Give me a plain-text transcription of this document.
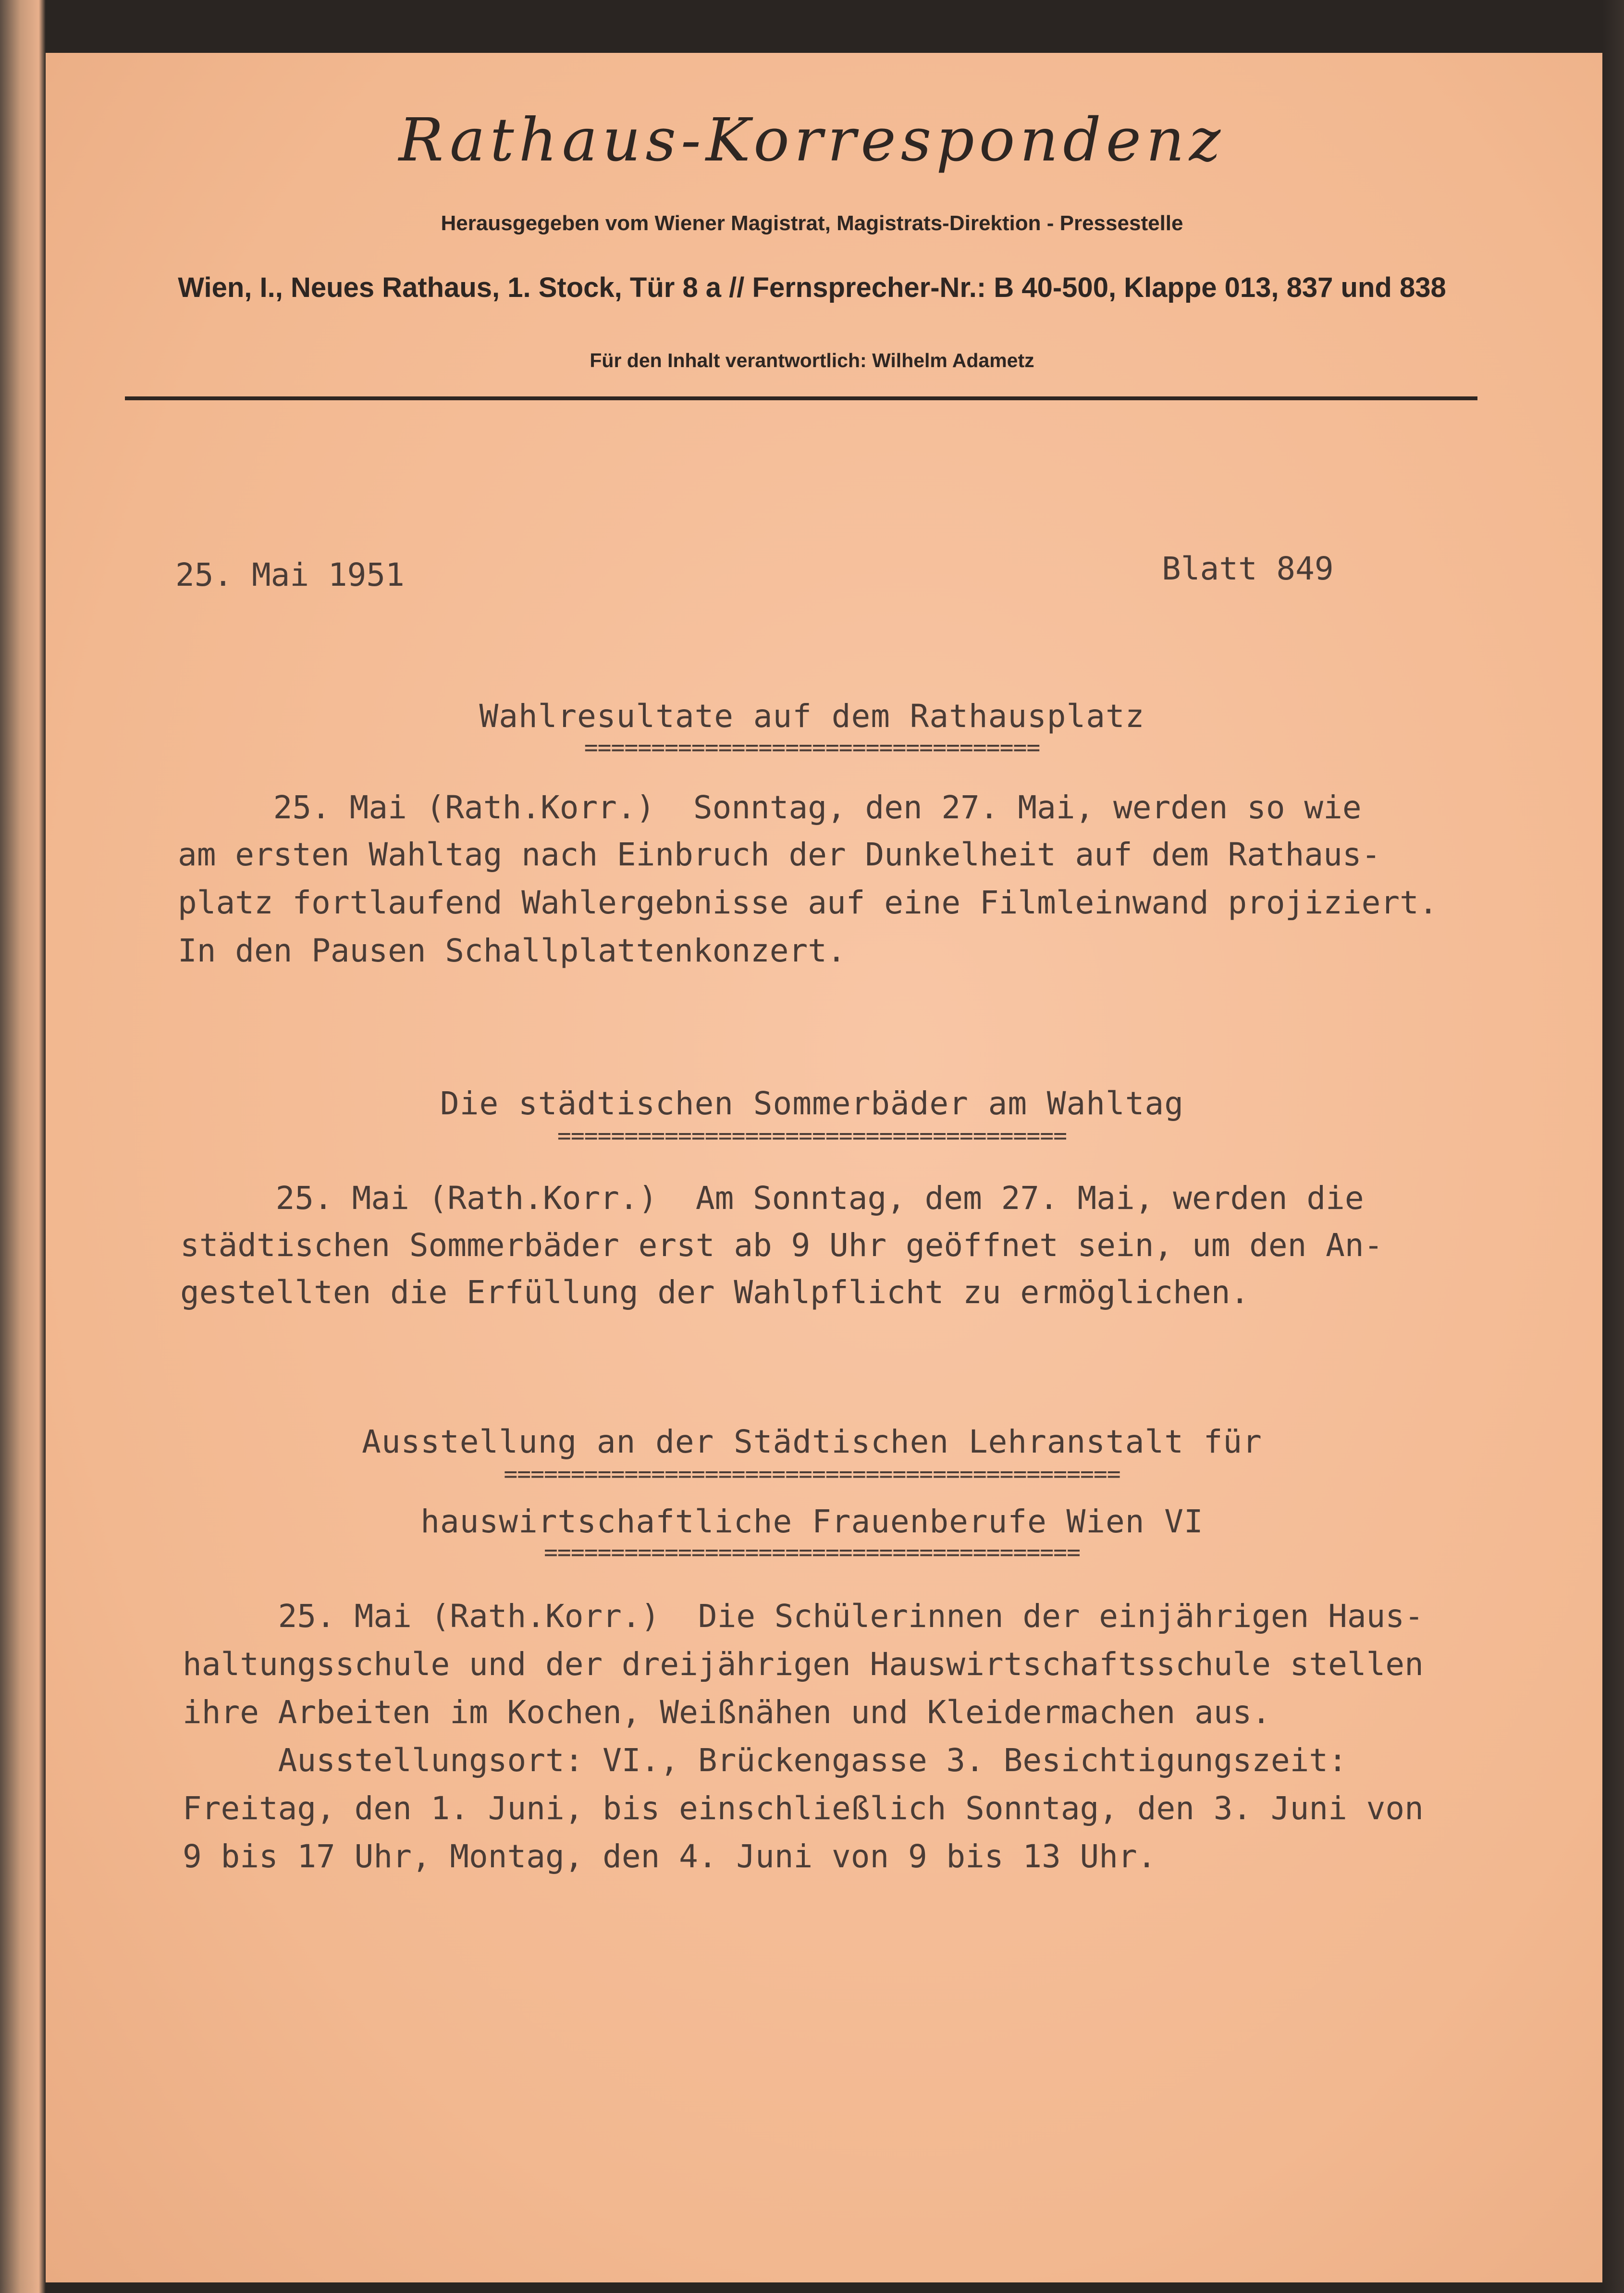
Rathaus-Korrespondenz
Herausgegeben vom Wiener Magistrat, Magistrats-Direktion - Pressestelle
Wien, I., Neues Rathaus, 1. Stock, Tür 8 a // Fernsprecher-Nr.: B 40-500, Klappe 013, 837 und 838
Für den Inhalt verantwortlich: Wilhelm Adametz
25. Mai 1951	Blatt 849
Wahlresultate auf dem Rathausplatz
==================================
25. Mai (Rath.Korr.)  Sonntag, den 27. Mai, werden so wie
am ersten Wahltag nach Einbruch der Dunkelheit auf dem Rathaus-
platz fortlaufend Wahlergebnisse auf eine Filmleinwand projiziert.
In den Pausen Schallplattenkonzert.
Die städtischen Sommerbäder am Wahltag
======================================
25. Mai (Rath.Korr.)  Am Sonntag, dem 27. Mai, werden die
städtischen Sommerbäder erst ab 9 Uhr geöffnet sein, um den An-
gestellten die Erfüllung der Wahlpflicht zu ermöglichen.
Ausstellung an der Städtischen Lehranstalt für
==============================================
hauswirtschaftliche Frauenberufe Wien VI
========================================
25. Mai (Rath.Korr.)  Die Schülerinnen der einjährigen Haus-
haltungsschule und der dreijährigen Hauswirtschaftsschule stellen
ihre Arbeiten im Kochen, Weißnähen und Kleidermachen aus.
Ausstellungsort: VI., Brückengasse 3. Besichtigungszeit:
Freitag, den 1. Juni, bis einschließlich Sonntag, den 3. Juni von
9 bis 17 Uhr, Montag, den 4. Juni von 9 bis 13 Uhr.
